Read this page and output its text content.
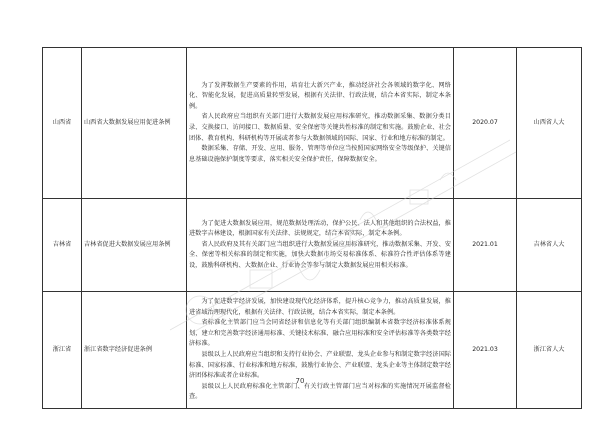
山西省	山西省大数据发展应用促进条例	为了发挥数据生产要素的作用，培育壮大新兴产业，推动经济社会各领域的数字化、网络化、智能化发展，促进高质量转型发展，根据有关法律、行政法规，结合本省实际，制定本条例。

省人民政府应当组织有关部门进行大数据发展应用标准研究，推动数据采集、数据分类目录、交换接口、访问接口、数据质量、安全保密等关键共性标准的制定和实施。鼓励企业、社会团体、教育机构、科研机构等开展或者参与大数据领域的国际、国家、行业和地方标准的制定。

数据采集、存储、开发、应用、服务、管理等单位应当按照国家网络安全等级保护、关键信息基础设施保护制度等要求，落实相关安全保护责任，保障数据安全。	2020.07	山西省人大
吉林省	吉林省促进大数据发展应用条例	为了促进大数据发展应用，规范数据处理活动，保护公民、法人和其他组织的合法权益，推进数字吉林建设，根据国家有关法律、法规规定，结合本省实际，制定本条例。

省人民政府及其有关部门应当组织进行大数据发展应用标准研究，推动数据采集、开发、安全、保密等相关标准的制定和实施，加快大数据市场交易标准体系、标准符合性评估体系等建设，鼓励科研机构、大数据企业、行业协会等参与制定大数据发展应用相关标准。	2021.01	吉林省人大
浙江省	浙江省数字经济促进条例	为了促进数字经济发展，加快建设现代化经济体系，提升核心竞争力，推动高质量发展，推进省域治理现代化，根据有关法律、行政法规，结合本省实际，制定本条例。

省标准化主管部门应当会同省经济和信息化等有关部门组织编制本省数字经济标准体系规划，建立和完善数字经济通用标准、关键技术标准、融合应用标准和安全评估标准等各类数字经济标准。

县级以上人民政府应当组织和支持行业协会、产业联盟、龙头企业参与和制定数字经济国际标准、国家标准、行业标准和地方标准，鼓励行业协会、产业联盟、龙头企业等主体制定数字经济团体标准或者企业标准。

县级以上人民政府标准化主管部门、有关行政主管部门应当对标准的实施情况开展监督检查。	2021.03	浙江省人大
70
